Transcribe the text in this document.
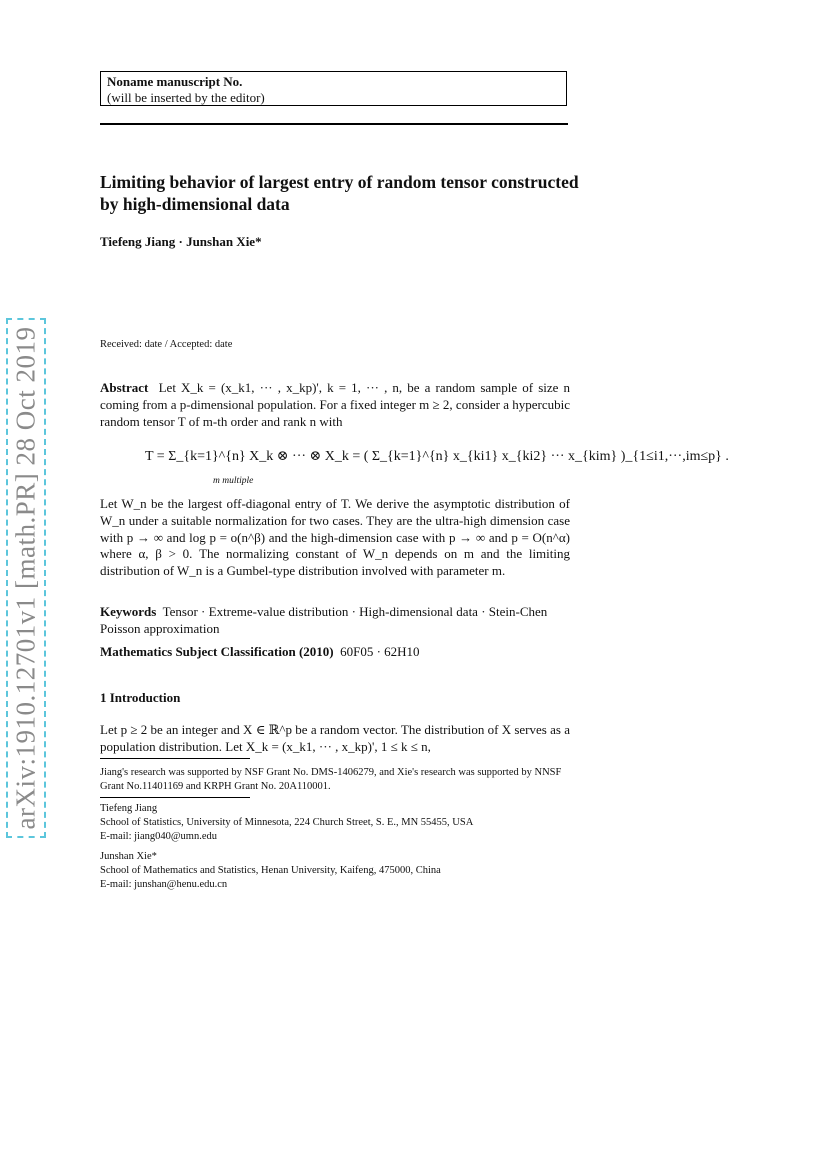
arXiv:1910.12701v1 [math.PR] 28 Oct 2019
Noname manuscript No.
(will be inserted by the editor)
Limiting behavior of largest entry of random tensor constructed by high-dimensional data
Tiefeng Jiang · Junshan Xie*
Received: date / Accepted: date
Abstract Let X_k = (x_k1, ··· , x_kp)', k = 1, ··· , n, be a random sample of size n coming from a p-dimensional population. For a fixed integer m ≥ 2, consider a hypercubic random tensor T of m-th order and rank n with
T = Σ_{k=1}^{n} X_k ⊗ ··· ⊗ X_k = ( Σ_{k=1}^{n} x_{ki1} x_{ki2} ··· x_{kim} )_{1≤i1,···,im≤p} .
m multiple
Let W_n be the largest off-diagonal entry of T. We derive the asymptotic distribution of W_n under a suitable normalization for two cases. They are the ultra-high dimension case with p → ∞ and log p = o(n^β) and the high-dimension case with p → ∞ and p = O(n^α) where α, β > 0. The normalizing constant of W_n depends on m and the limiting distribution of W_n is a Gumbel-type distribution involved with parameter m.
Keywords Tensor · Extreme-value distribution · High-dimensional data · Stein-Chen Poisson approximation
Mathematics Subject Classification (2010) 60F05 · 62H10
1 Introduction
Let p ≥ 2 be an integer and X ∈ ℝ^p be a random vector. The distribution of X serves as a population distribution. Let X_k = (x_k1, ··· , x_kp)', 1 ≤ k ≤ n,
Jiang's research was supported by NSF Grant No. DMS-1406279, and Xie's research was supported by NNSF Grant No.11401169 and KRPH Grant No. 20A110001.
Tiefeng Jiang
School of Statistics, University of Minnesota, 224 Church Street, S. E., MN 55455, USA
E-mail: jiang040@umn.edu
Junshan Xie*
School of Mathematics and Statistics, Henan University, Kaifeng, 475000, China
E-mail: junshan@henu.edu.cn
